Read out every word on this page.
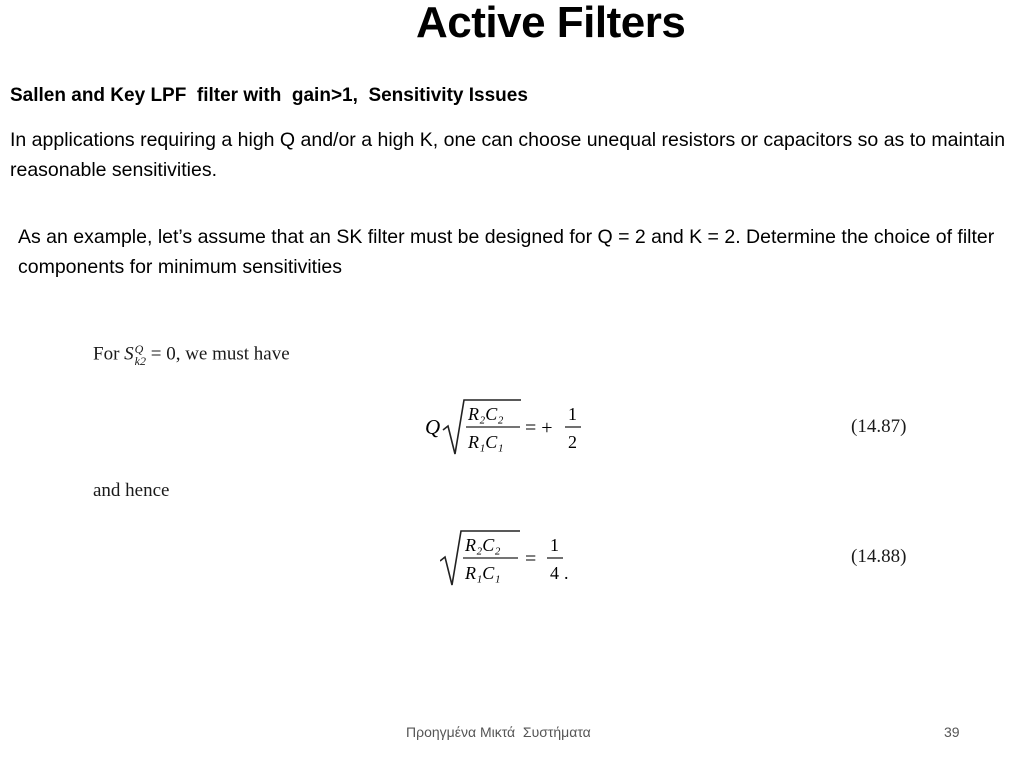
Active Filters
Sallen and Key LPF  filter with  gain>1,  Sensitivity Issues
In applications requiring a high Q and/or a high K, one can choose unequal resistors or capacitors so as to maintain reasonable sensitivities.
As an example, let’s assume that an SK filter must be designed for Q = 2 and K = 2. Determine the choice of filter components for minimum sensitivities
For S Q
k2 = 0, we must have
Q
R₂C₂
R₁C₁
= +
1
2
(14.87)
and hence
R₂C₂
R₁C₁
=
1
4 .
(14.88)
Προηγμένα Μικτά  Συστήματα	39
